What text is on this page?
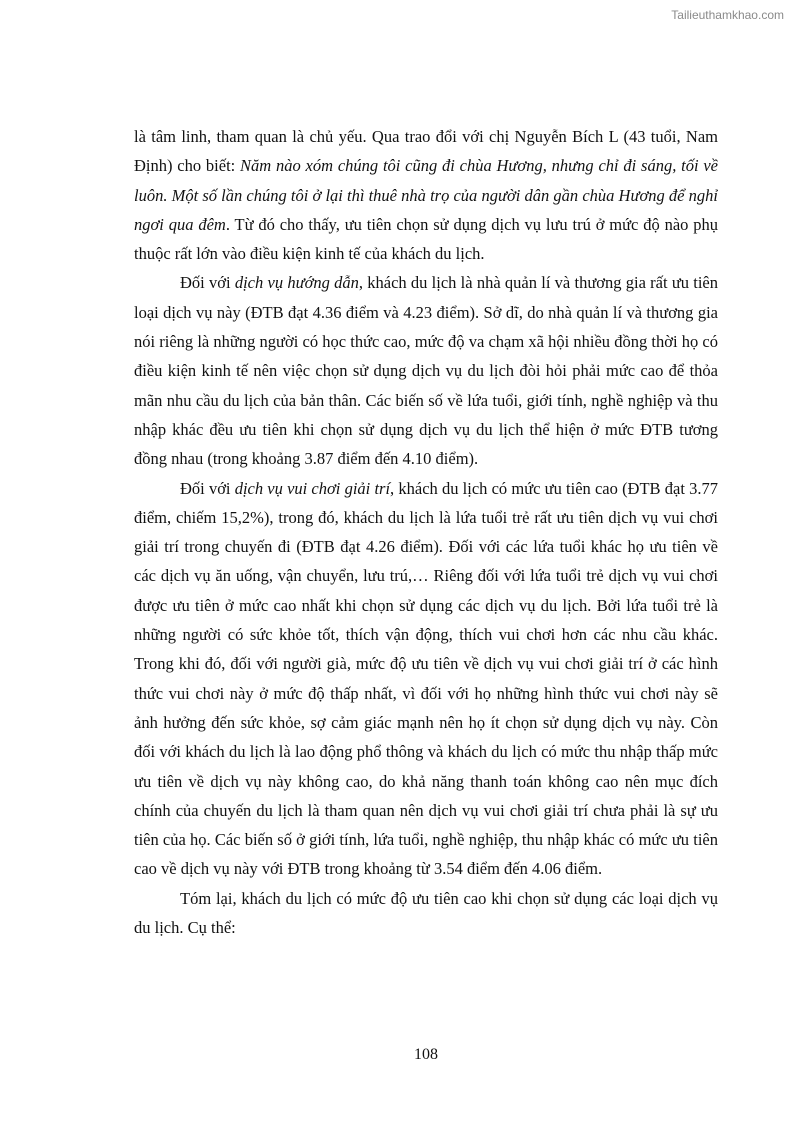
Tailieuthamkhao.com

là tâm linh, tham quan là chủ yếu. Qua trao đổi với chị Nguyễn Bích L (43 tuổi, Nam Định) cho biết: Năm nào xóm chúng tôi cũng đi chùa Hương, nhưng chỉ đi sáng, tối về luôn. Một số lần chúng tôi ở lại thì thuê nhà trọ của người dân gần chùa Hương để nghỉ ngơi qua đêm. Từ đó cho thấy, ưu tiên chọn sử dụng dịch vụ lưu trú ở mức độ nào phụ thuộc rất lớn vào điều kiện kinh tế của khách du lịch.

Đối với dịch vụ hướng dẫn, khách du lịch là nhà quản lí và thương gia rất ưu tiên loại dịch vụ này (ĐTB đạt 4.36 điểm và 4.23 điểm). Sở dĩ, do nhà quản lí và thương gia nói riêng là những người có học thức cao, mức độ va chạm xã hội nhiều đồng thời họ có điều kiện kinh tế nên việc chọn sử dụng dịch vụ du lịch đòi hỏi phải mức cao để thỏa mãn nhu cầu du lịch của bản thân. Các biến số về lứa tuổi, giới tính, nghề nghiệp và thu nhập khác đều ưu tiên khi chọn sử dụng dịch vụ du lịch thể hiện ở mức ĐTB tương đồng nhau (trong khoảng 3.87 điểm đến 4.10 điểm).

Đối với dịch vụ vui chơi giải trí, khách du lịch có mức ưu tiên cao (ĐTB đạt 3.77 điểm, chiếm 15,2%), trong đó, khách du lịch là lứa tuổi trẻ rất ưu tiên dịch vụ vui chơi giải trí trong chuyến đi (ĐTB đạt 4.26 điểm). Đối với các lứa tuổi khác họ ưu tiên về các dịch vụ ăn uống, vận chuyển, lưu trú,… Riêng đối với lứa tuổi trẻ dịch vụ vui chơi được ưu tiên ở mức cao nhất khi chọn sử dụng các dịch vụ du lịch. Bởi lứa tuổi trẻ là những người có sức khỏe tốt, thích vận động, thích vui chơi hơn các nhu cầu khác. Trong khi đó, đối với người già, mức độ ưu tiên về dịch vụ vui chơi giải trí ở các hình thức vui chơi này ở mức độ thấp nhất, vì đối với họ những hình thức vui chơi này sẽ ảnh hưởng đến sức khỏe, sợ cảm giác mạnh nên họ ít chọn sử dụng dịch vụ này. Còn đối với khách du lịch là lao động phổ thông và khách du lịch có mức thu nhập thấp mức ưu tiên về dịch vụ này không cao, do khả năng thanh toán không cao nên mục đích chính của chuyến du lịch là tham quan nên dịch vụ vui chơi giải trí chưa phải là sự ưu tiên của họ. Các biến số ở giới tính, lứa tuổi, nghề nghiệp, thu nhập khác có mức ưu tiên cao về dịch vụ này với ĐTB trong khoảng từ 3.54 điểm đến 4.06 điểm.

Tóm lại, khách du lịch có mức độ ưu tiên cao khi chọn sử dụng các loại dịch vụ du lịch. Cụ thể:

108
